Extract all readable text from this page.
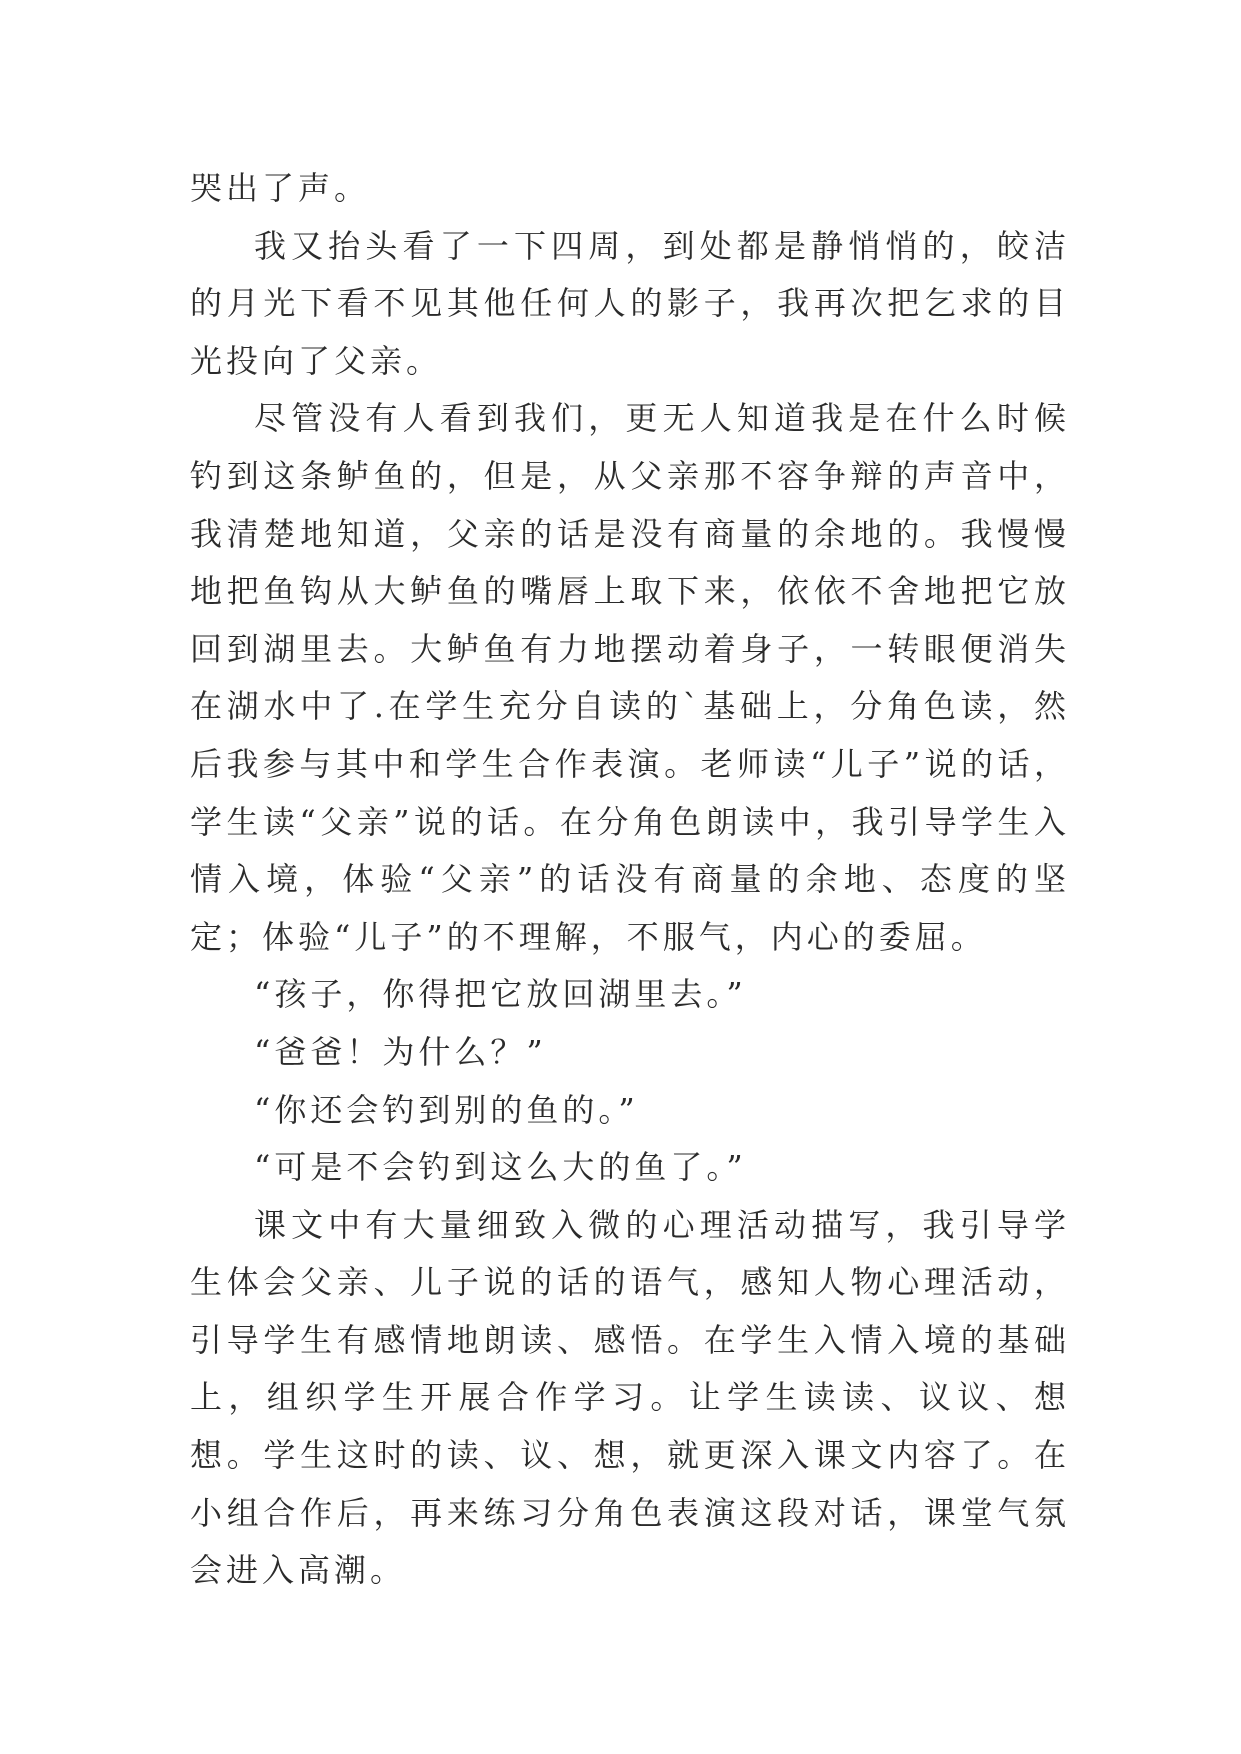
哭出了声。

我又抬头看了一下四周，到处都是静悄悄的，皎洁的月光下看不见其他任何人的影子，我再次把乞求的目光投向了父亲。

尽管没有人看到我们，更无人知道我是在什么时候钓到这条鲈鱼的，但是，从父亲那不容争辩的声音中，我清楚地知道，父亲的话是没有商量的余地的。我慢慢地把鱼钩从大鲈鱼的嘴唇上取下来，依依不舍地把它放回到湖里去。大鲈鱼有力地摆动着身子，一转眼便消失在湖水中了.在学生充分自读的`基础上，分角色读，然后我参与其中和学生合作表演。老师读“儿子”说的话，学生读“父亲”说的话。在分角色朗读中，我引导学生入情入境，体验“父亲”的话没有商量的余地、态度的坚定；体验“儿子”的不理解，不服气，内心的委屈。

“孩子，你得把它放回湖里去。”

“爸爸！为什么？”

“你还会钓到别的鱼的。”

“可是不会钓到这么大的鱼了。”

课文中有大量细致入微的心理活动描写，我引导学生体会父亲、儿子说的话的语气，感知人物心理活动，引导学生有感情地朗读、感悟。在学生入情入境的基础上，组织学生开展合作学习。让学生读读、议议、想想。学生这时的读、议、想，就更深入课文内容了。在小组合作后，再来练习分角色表演这段对话，课堂气氛会进入高潮。
